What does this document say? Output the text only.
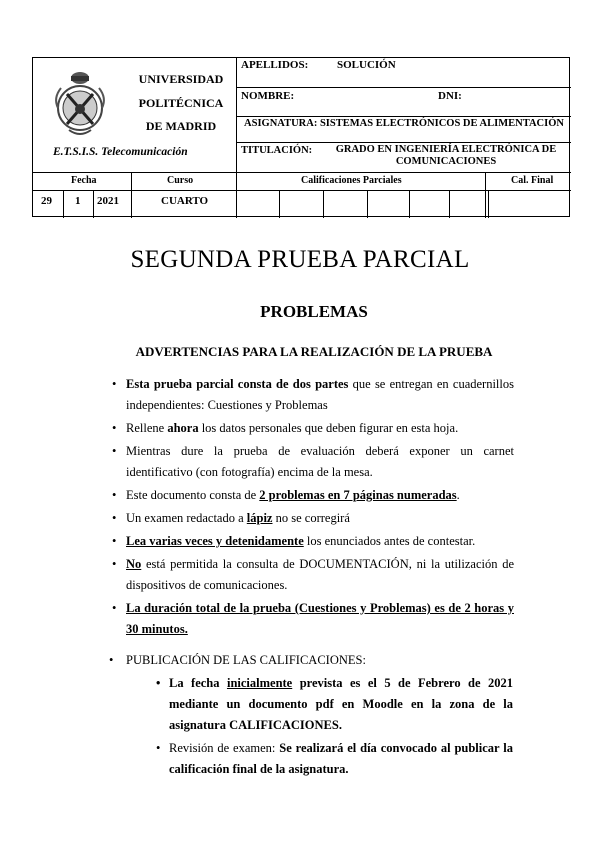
UNIVERSIDAD
POLITÉCNICA
DE MADRID
E.T.S.I.S. Telecomunicación
APELLIDOS:	SOLUCIÓN
NOMBRE:	DNI:
ASIGNATURA: SISTEMAS ELECTRÓNICOS DE ALIMENTACIÓN
TITULACIÓN:	GRADO EN INGENIERÍA ELECTRÓNICA DE COMUNICACIONES
Fecha	Curso	Calificaciones Parciales	Cal. Final
29 1 2021	CUARTO
SEGUNDA PRUEBA PARCIAL
PROBLEMAS
ADVERTENCIAS PARA LA REALIZACIÓN DE LA PRUEBA
• Esta prueba parcial consta de dos partes que se entregan en cuadernillos independientes: Cuestiones y Problemas
• Rellene ahora los datos personales que deben figurar en esta hoja.
• Mientras dure la prueba de evaluación deberá exponer un carnet identificativo (con fotografía) encima de la mesa.
• Este documento consta de 2 problemas en 7 páginas numeradas.
• Un examen redactado a lápiz no se corregirá
• Lea varias veces y detenidamente los enunciados antes de contestar.
• No está permitida la consulta de DOCUMENTACIÓN, ni la utilización de dispositivos de comunicaciones.
• La duración total de la prueba (Cuestiones y Problemas) es de 2 horas y 30 minutos.
• PUBLICACIÓN DE LAS CALIFICACIONES:
• La fecha inicialmente prevista es el 5 de Febrero de 2021 mediante un documento pdf en Moodle en la zona de la asignatura CALIFICACIONES.
• Revisión de examen: Se realizará el día convocado al publicar la calificación final de la asignatura.
